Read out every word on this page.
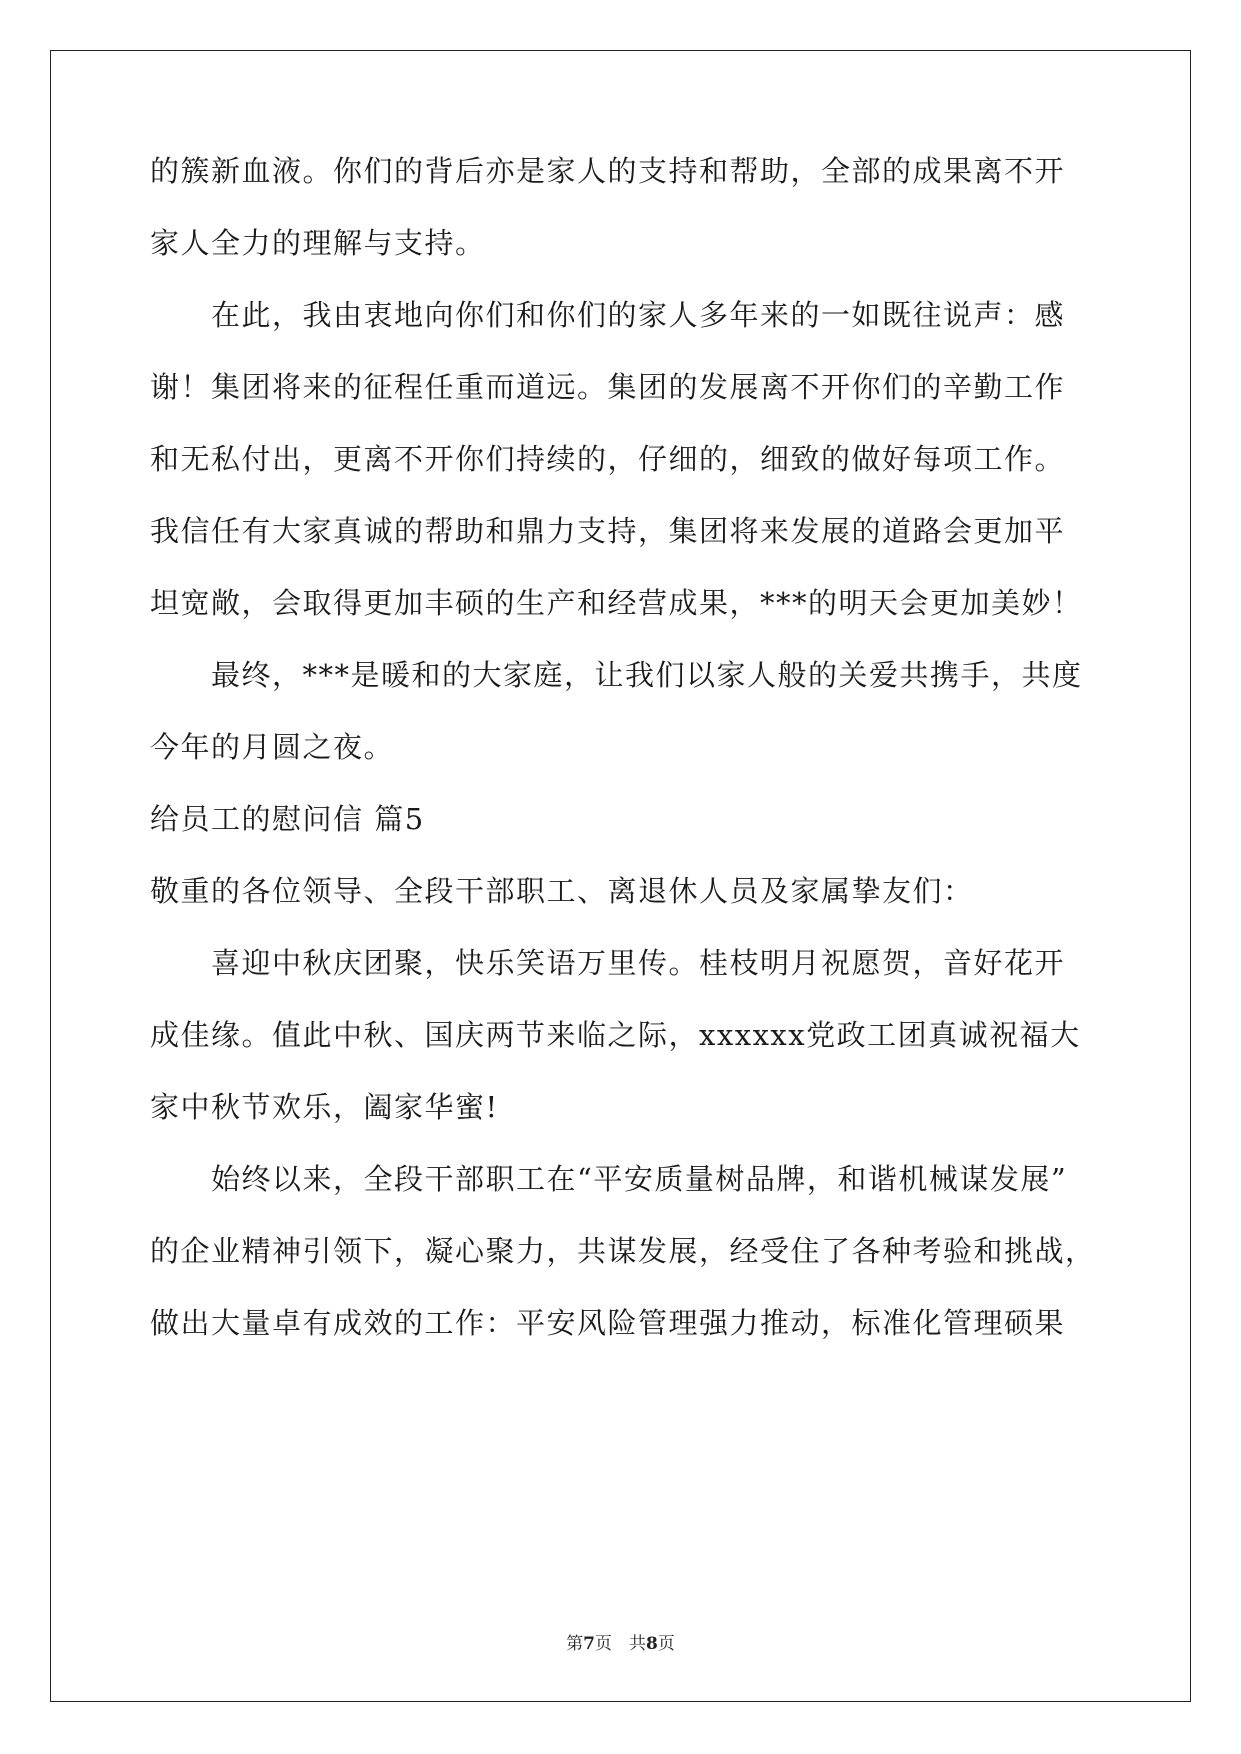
的簇新血液。你们的背后亦是家人的支持和帮助，全部的成果离不开
家人全力的理解与支持。
在此，我由衷地向你们和你们的家人多年来的一如既往说声：感
谢！集团将来的征程任重而道远。集团的发展离不开你们的辛勤工作
和无私付出，更离不开你们持续的，仔细的，细致的做好每项工作。
我信任有大家真诚的帮助和鼎力支持，集团将来发展的道路会更加平
坦宽敞，会取得更加丰硕的生产和经营成果，***的明天会更加美妙！
最终，***是暖和的大家庭，让我们以家人般的关爱共携手，共度
今年的月圆之夜。
给员工的慰问信 篇5
敬重的各位领导、全段干部职工、离退休人员及家属挚友们：
喜迎中秋庆团聚，快乐笑语万里传。桂枝明月祝愿贺，音好花开
成佳缘。值此中秋、国庆两节来临之际，xxxxxx党政工团真诚祝福大
家中秋节欢乐，阖家华蜜!
始终以来，全段干部职工在“平安质量树品牌，和谐机械谋发展”
的企业精神引领下，凝心聚力，共谋发展，经受住了各种考验和挑战，
做出大量卓有成效的工作：平安风险管理强力推动，标准化管理硕果
第7页　共8页
